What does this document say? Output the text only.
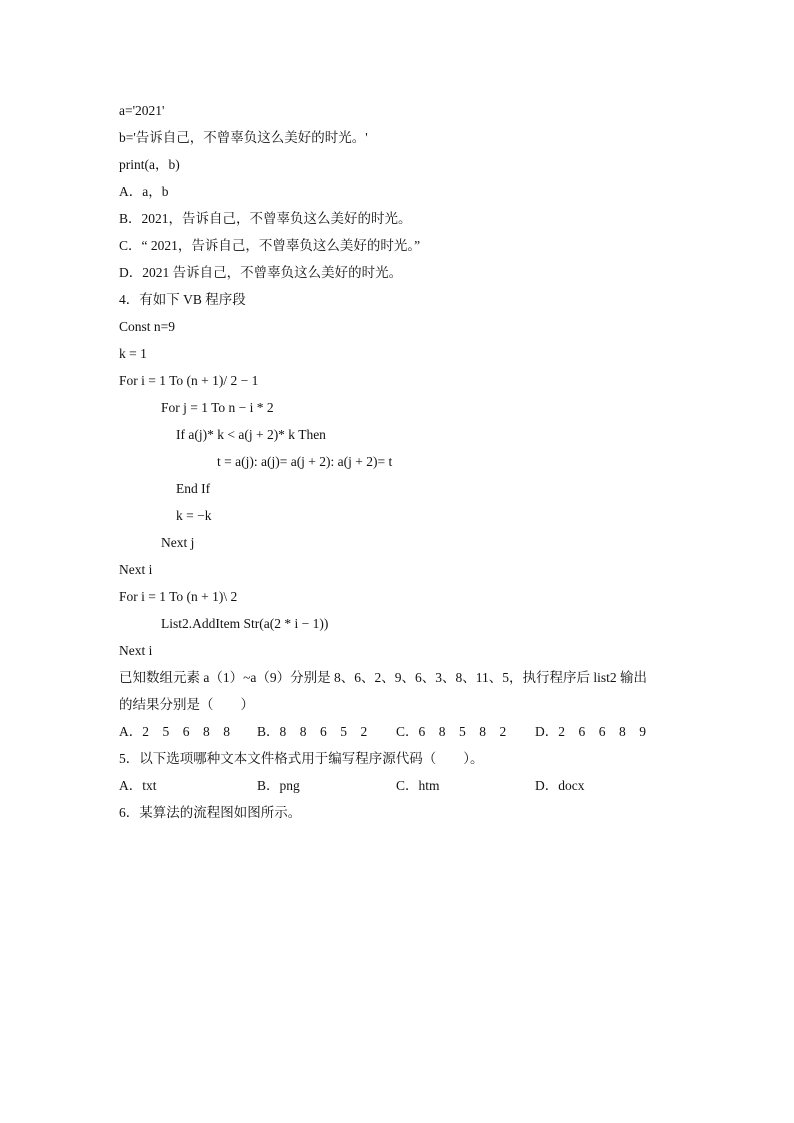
a='2021'
b='告诉自己，不曾辜负这么美好的时光。'
print(a，b)
A．a，b
B．2021，告诉自己，不曾辜负这么美好的时光。
C．“ 2021，告诉自己，不曾辜负这么美好的时光。”
D．2021 告诉自己，不曾辜负这么美好的时光。
4．有如下 VB 程序段
Const n=9
k = 1
For i = 1 To (n + 1)/ 2 − 1
For j = 1 To n − i * 2
If a(j)* k < a(j + 2)* k Then
t = a(j): a(j)= a(j + 2): a(j + 2)= t
End If
k = −k
Next j
Next i
For i = 1 To (n + 1)\ 2
List2.AddItem Str(a(2 * i − 1))
Next i
已知数组元素 a（1）~a（9）分别是 8、6、2、9、6、3、8、11、5，执行程序后 list2 输出
的结果分别是（　　）

A．2　5　6　8　8

B．8　8　6　5　2

C．6　8　5　8　2

D．2　6　6　8　9

5．以下选项哪种文本文件格式用于编写程序源代码（　　）。

A．txt

	B．png

	C．htm

	D．docx

6．某算法的流程图如图所示。
